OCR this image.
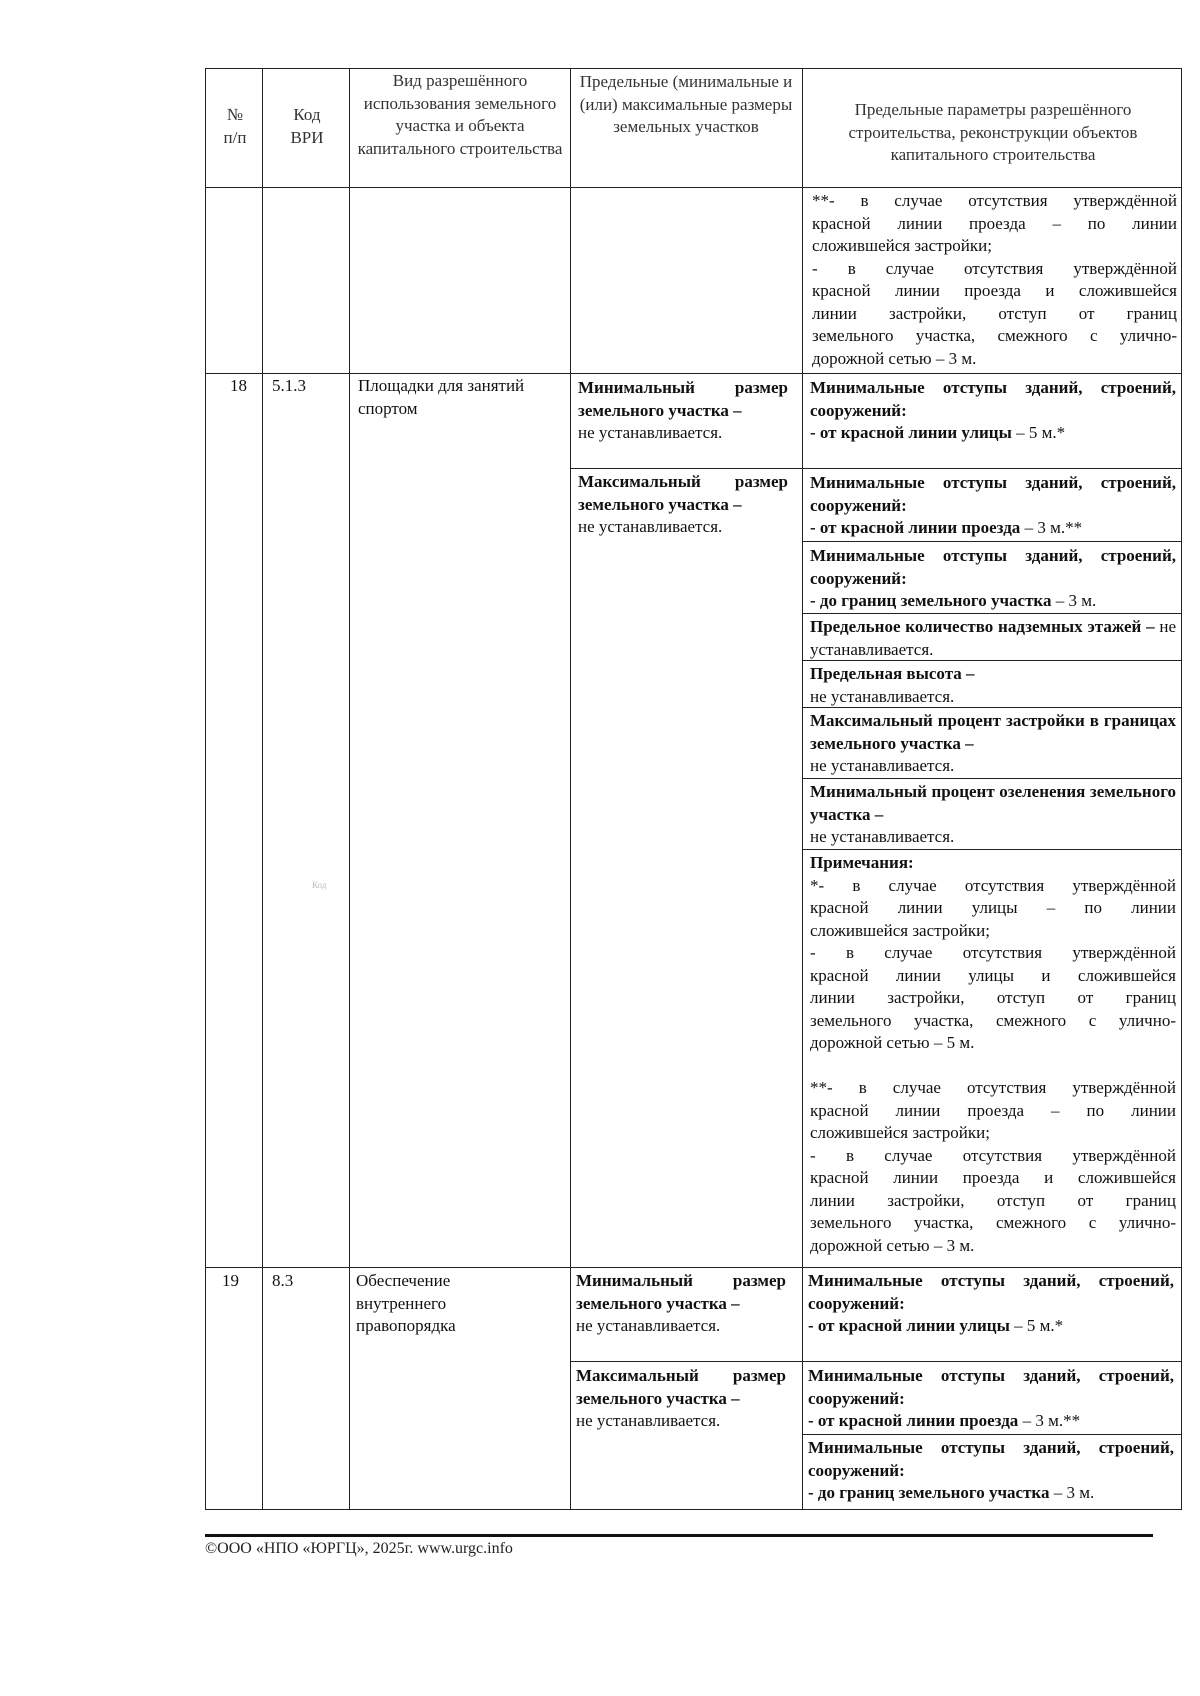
№ п/п
Код ВРИ
Вид разрешённого использования земельного участка и объекта капитального строительства
Предельные (минимальные и (или) максимальные размеры земельных участков
Предельные параметры разрешённого строительства, реконструкции объектов капитального строительства
**- в случае отсутствия утверждённой
красной линии проезда – по линии
сложившейся застройки;
- в случае отсутствия утверждённой
красной линии проезда и сложившейся
линии застройки, отступ от границ
земельного участка, смежного с улично-
дорожной сетью – 3 м.
18 5.1.3	Площадки для занятий спортом
Минимальный размер земельного участка –
не устанавливается.
Максимальный размер земельного участка –
не устанавливается.
Минимальные отступы зданий, строений, сооружений:
- от красной линии улицы – 5 м.*
Минимальные отступы зданий, строений, сооружений:
- от красной линии проезда – 3 м.**
Минимальные отступы зданий, строений, сооружений:
- до границ земельного участка – 3 м.
Предельное количество надземных этажей – не устанавливается.
Предельная высота –
не устанавливается.
Максимальный процент застройки в границах земельного участка –
не устанавливается.
Минимальный процент озеленения земельного участка –
не устанавливается.
Примечания:
*- в случае отсутствия утверждённой
красной линии улицы – по линии
сложившейся застройки;
- в случае отсутствия утверждённой
красной линии улицы и сложившейся
линии застройки, отступ от границ
земельного участка, смежного с улично-
дорожной сетью – 5 м.

**- в случае отсутствия утверждённой
красной линии проезда – по линии
сложившейся застройки;
- в случае отсутствия утверждённой
красной линии проезда и сложившейся
линии застройки, отступ от границ
земельного участка, смежного с улично-
дорожной сетью – 3 м.
19 8.3	Обеспечение внутреннего правопорядка
Минимальный размер земельного участка –
не устанавливается.
Максимальный размер земельного участка –
не устанавливается.
Минимальные отступы зданий, строений, сооружений:
- от красной линии улицы – 5 м.*
Минимальные отступы зданий, строений, сооружений:
- от красной линии проезда – 3 м.**
Минимальные отступы зданий, строений, сооружений:
- до границ земельного участка – 3 м.
Код
©ООО «НПО «ЮРГЦ», 2025г. www.urgc.info
